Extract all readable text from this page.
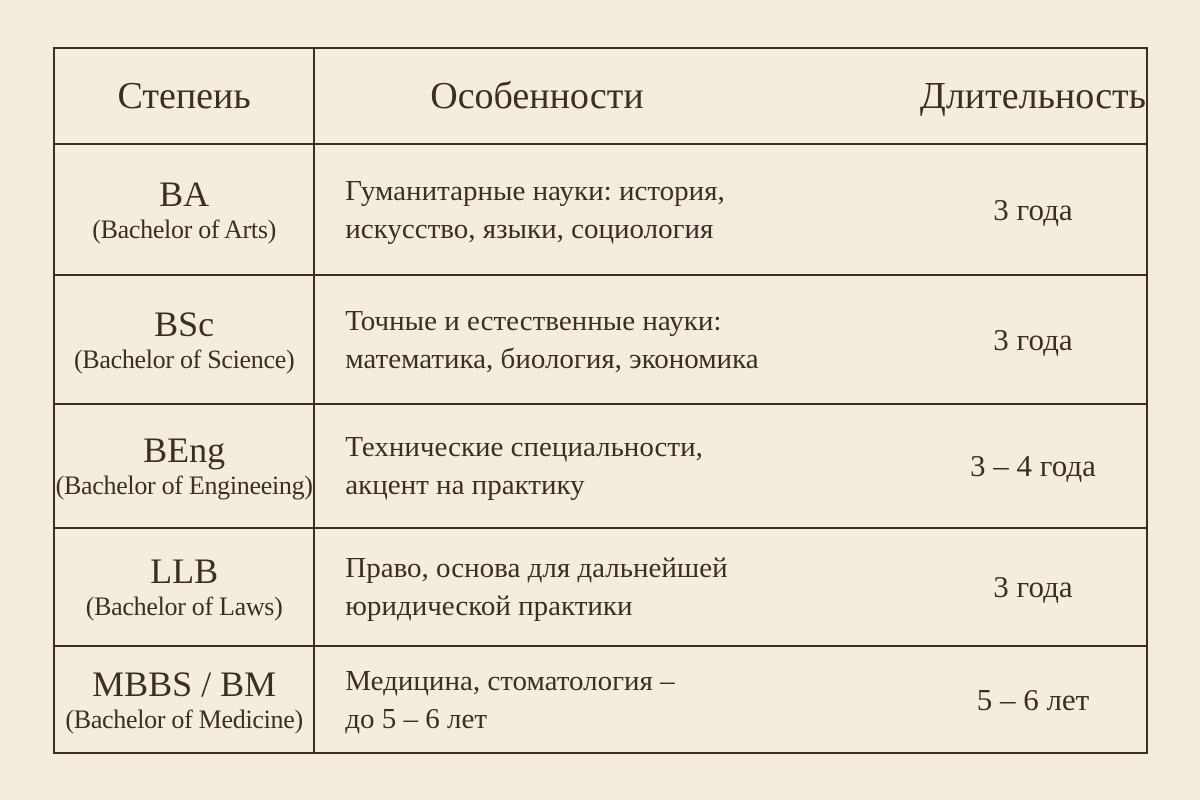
Степеиь	Особенности	Длительность

BA
(Bachelor of Arts)	Гуманитарные науки: история,
искусство, языки, социология	3 года

BSc
(Bachelor of Science)	Точные и естественные науки:
математика, биология, экономика	3 года

BEng
(Bachelor of Engineeing)	Технические специальности,
акцент на практику	3 – 4 года

LLB
(Bachelor of Laws)	Право, основа для дальнейшей
юридической практики	3 года

MBBS / BM
(Bachelor of Medicine)	Медицина, стоматология –
до 5 – 6 лет	5 – 6 лет
